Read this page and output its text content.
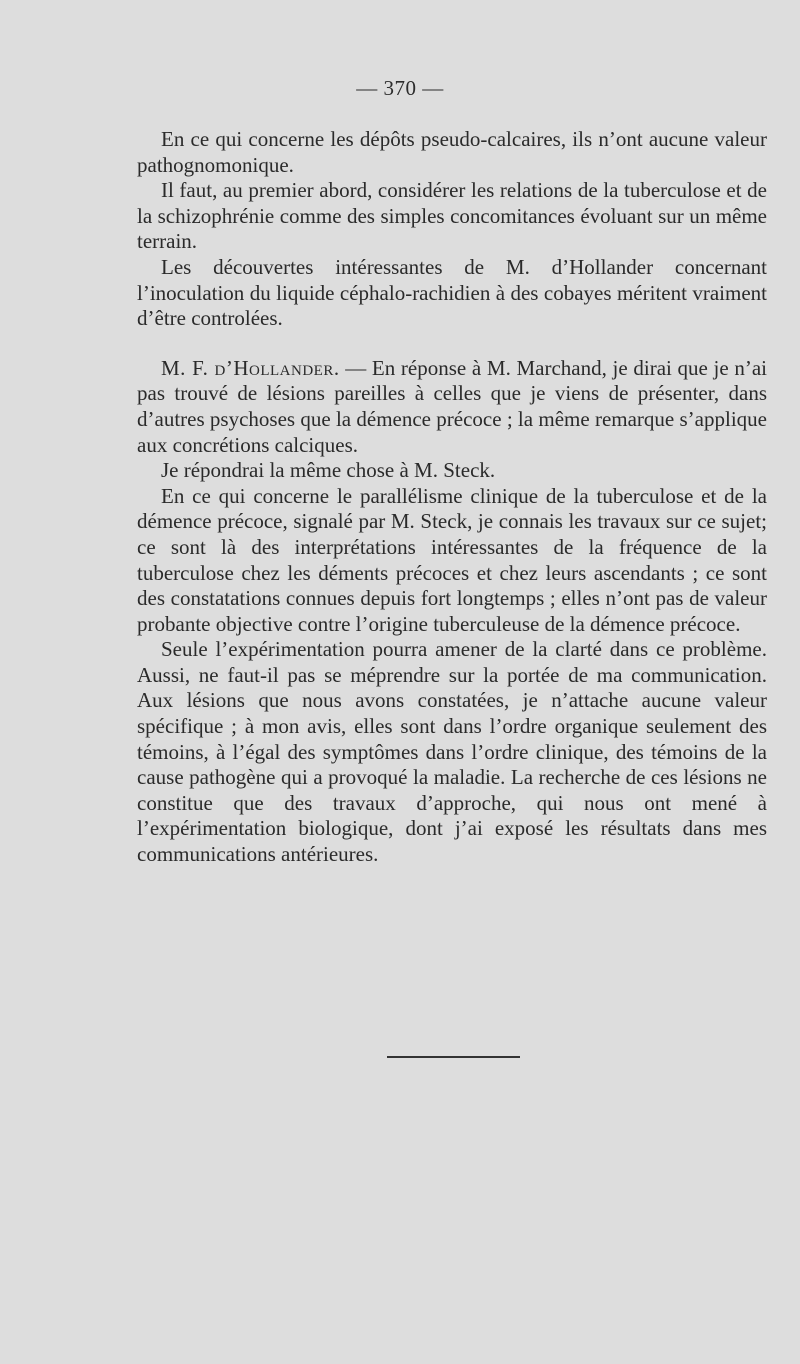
— 370 —

En ce qui concerne les dépôts pseudo-calcaires, ils n’ont aucune valeur pathognomonique.

Il faut, au premier abord, considérer les relations de la tuberculose et de la schizophrénie comme des simples concomitances évoluant sur un même terrain.

Les découvertes intéressantes de M. d’Hollander concernant l’inoculation du liquide céphalo-rachidien à des cobayes méritent vraiment d’être controlées.

M. F. d’Hollander. — En réponse à M. Marchand, je dirai que je n’ai pas trouvé de lésions pareilles à celles que je viens de présenter, dans d’autres psychoses que la démence précoce ; la même remarque s’applique aux concrétions calciques.

Je répondrai la même chose à M. Steck.

En ce qui concerne le parallélisme clinique de la tuberculose et de la démence précoce, signalé par M. Steck, je connais les travaux sur ce sujet; ce sont là des interprétations intéressantes de la fréquence de la tuberculose chez les déments précoces et chez leurs ascendants ; ce sont des constatations connues depuis fort longtemps ; elles n’ont pas de valeur probante objective contre l’origine tuberculeuse de la démence précoce.

Seule l’expérimentation pourra amener de la clarté dans ce problème. Aussi, ne faut-il pas se méprendre sur la portée de ma communication. Aux lésions que nous avons constatées, je n’attache aucune valeur spécifique ; à mon avis, elles sont dans l’ordre organique seulement des témoins, à l’égal des symptômes dans l’ordre clinique, des témoins de la cause pathogène qui a provoqué la maladie. La recherche de ces lésions ne constitue que des travaux d’approche, qui nous ont mené à l’expérimentation biologique, dont j’ai exposé les résultats dans mes communications antérieures.
